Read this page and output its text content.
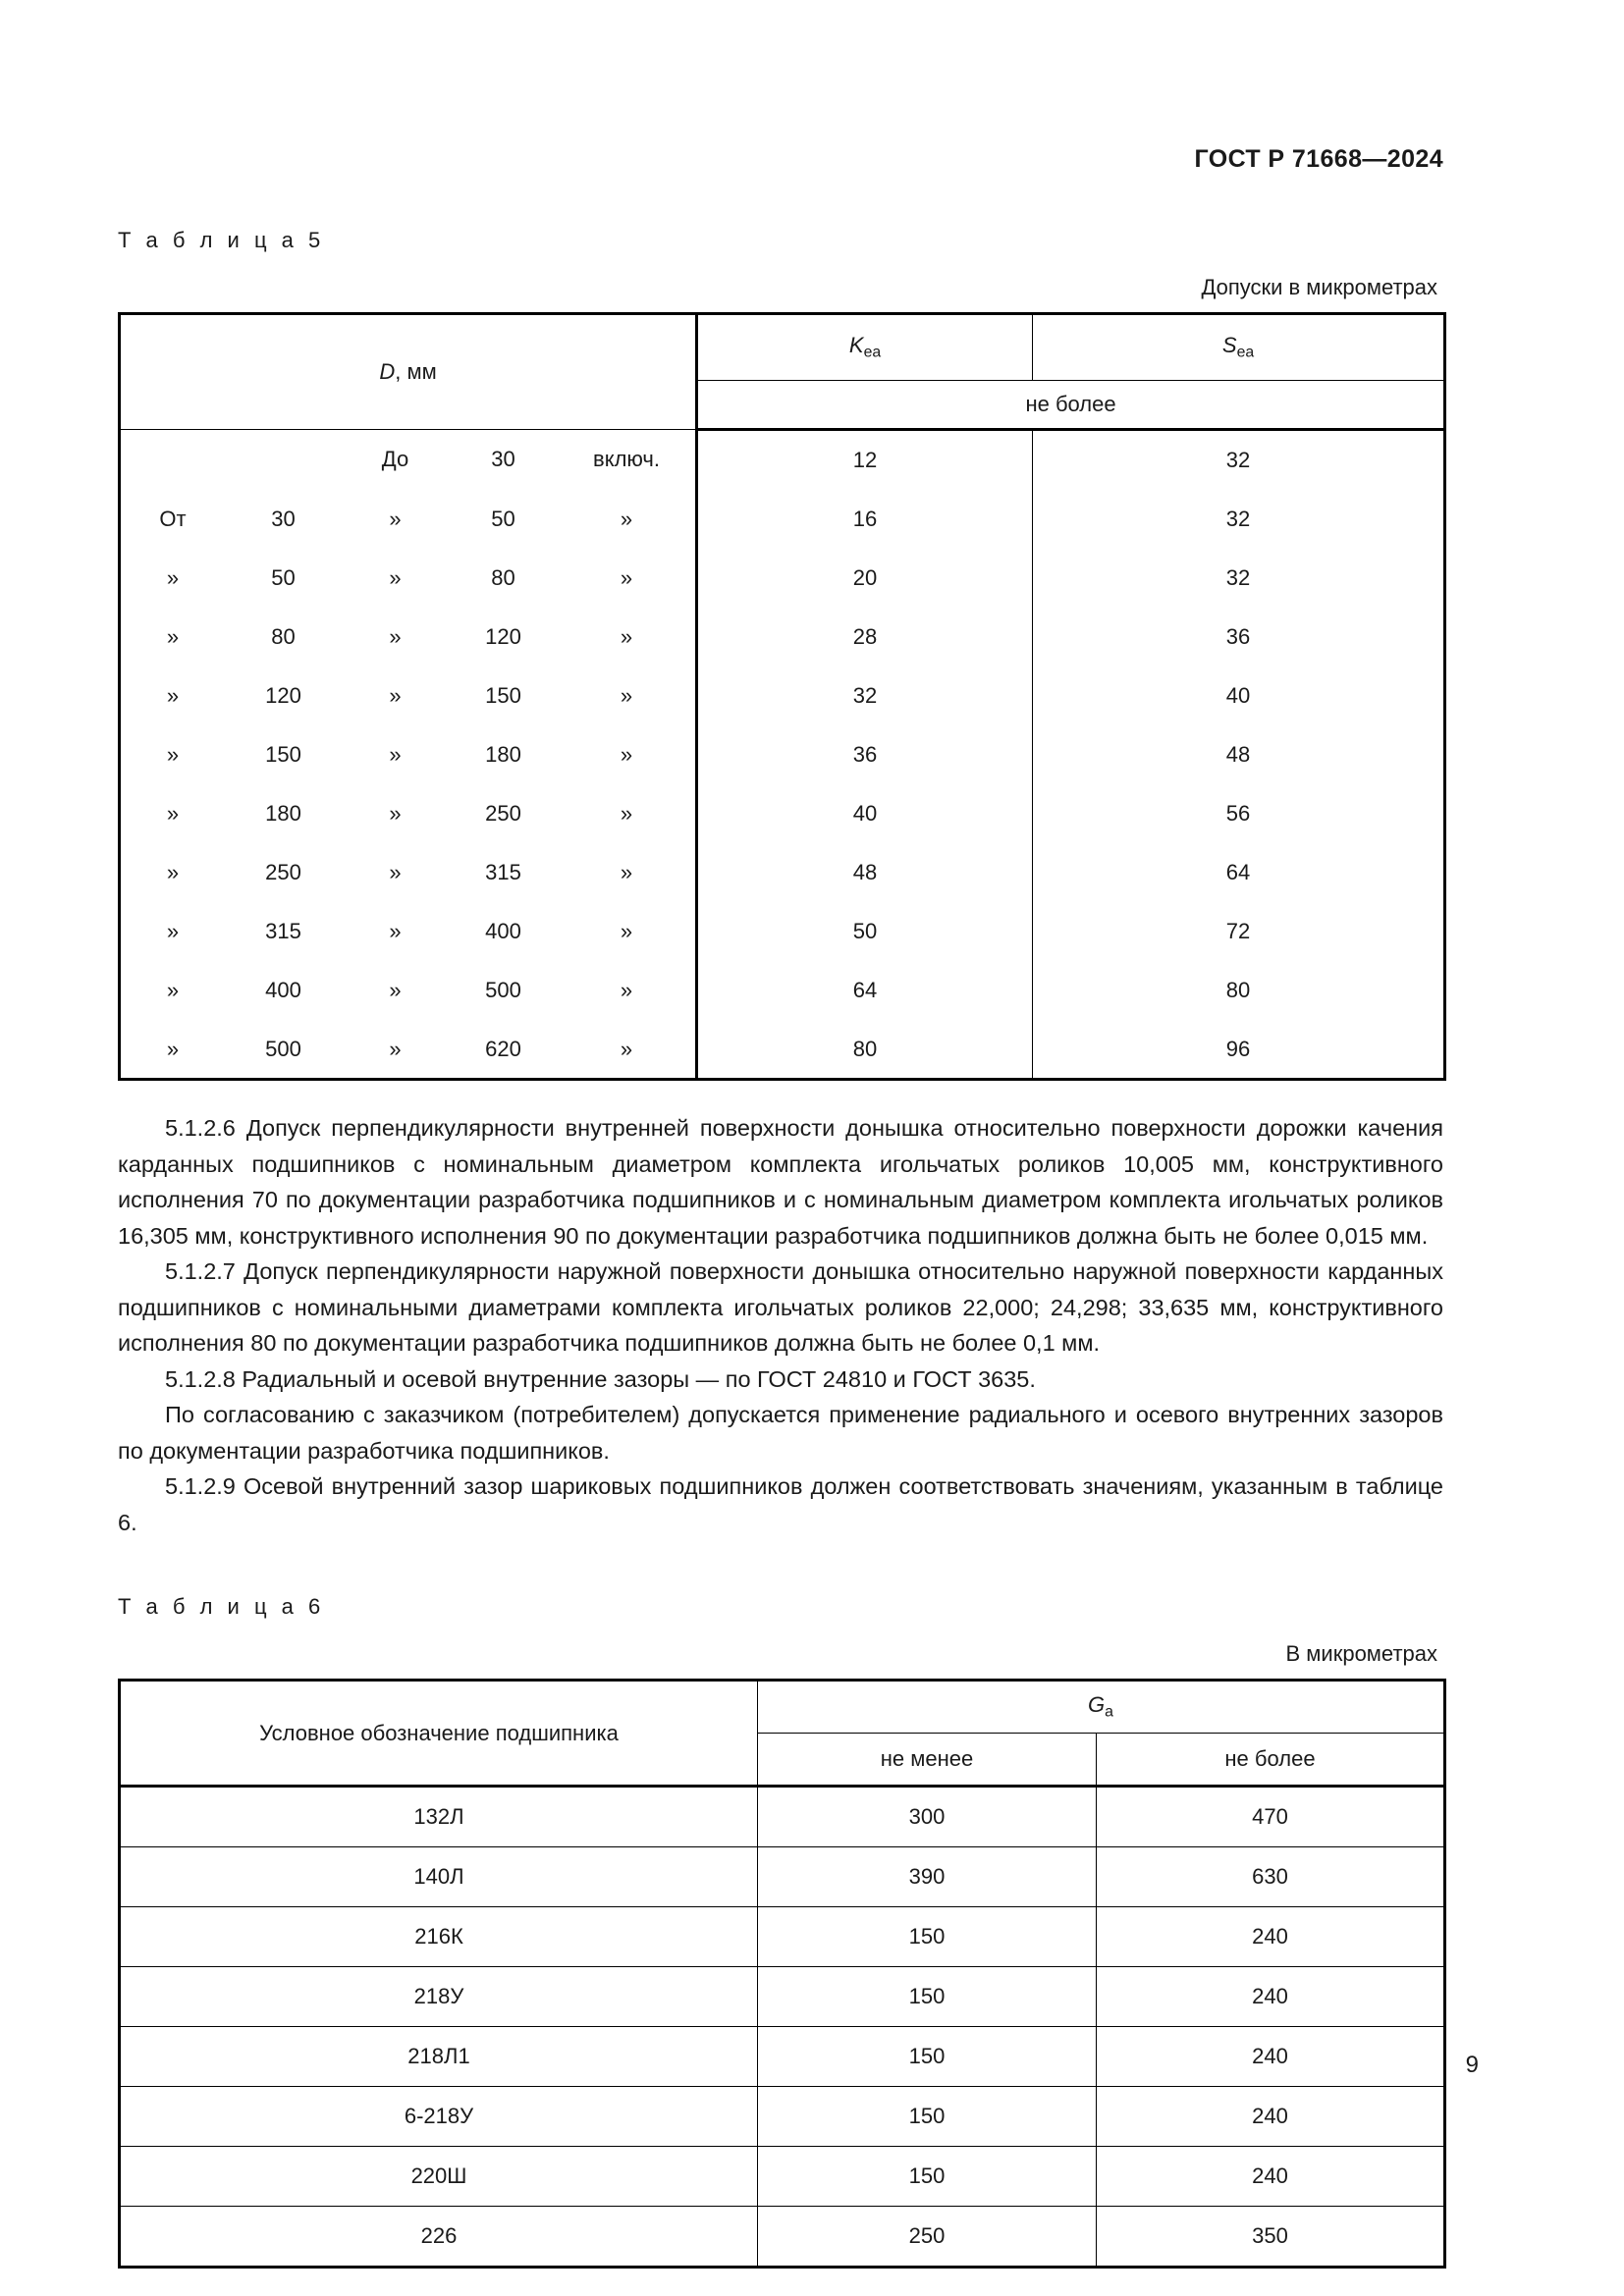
ГОСТ Р 71668—2024
Т а б л и ц а 5
Допуски в микрометрах
D, мм					$K_{ea}$	$S_{ea}$
					не более	
		До	30	включ.	12	32
От	30	»	50	»	16	32
»	50	»	80	»	20	32
»	80	»	120	»	28	36
»	120	»	150	»	32	40
»	150	»	180	»	36	48
»	180	»	250	»	40	56
»	250	»	315	»	48	64
»	315	»	400	»	50	72
»	400	»	500	»	64	80
»	500	»	620	»	80	96

5.1.2.6 Допуск перпендикулярности внутренней поверхности донышка относительно поверхности дорожки качения карданных подшипников с номинальным диаметром комплекта игольчатых роликов 10,005 мм, конструктивного исполнения 70 по документации разработчика подшипников и с номинальным диаметром комплекта игольчатых роликов 16,305 мм, конструктивного исполнения 90 по документации разработчика подшипников должна быть не более 0,015 мм.

5.1.2.7 Допуск перпендикулярности наружной поверхности донышка относительно наружной поверхности карданных подшипников с номинальными диаметрами комплекта игольчатых роликов 22,000; 24,298; 33,635 мм, конструктивного исполнения 80 по документации разработчика подшипников должна быть не более 0,1 мм.

5.1.2.8 Радиальный и осевой внутренние зазоры — по ГОСТ 24810 и ГОСТ 3635.

По согласованию с заказчиком (потребителем) допускается применение радиального и осевого внутренних зазоров по документации разработчика подшипников.

5.1.2.9 Осевой внутренний зазор шариковых подшипников должен соответствовать значениям, указанным в таблице 6.

Т а б л и ц а 6
В микрометрах
Условное обозначение подшипника	$G_a$
	не менее	не более
132Л	300	470
140Л	390	630
216К	150	240
218У	150	240
218Л1	150	240
6-218У	150	240
220Ш	150	240
226	250	350
9
